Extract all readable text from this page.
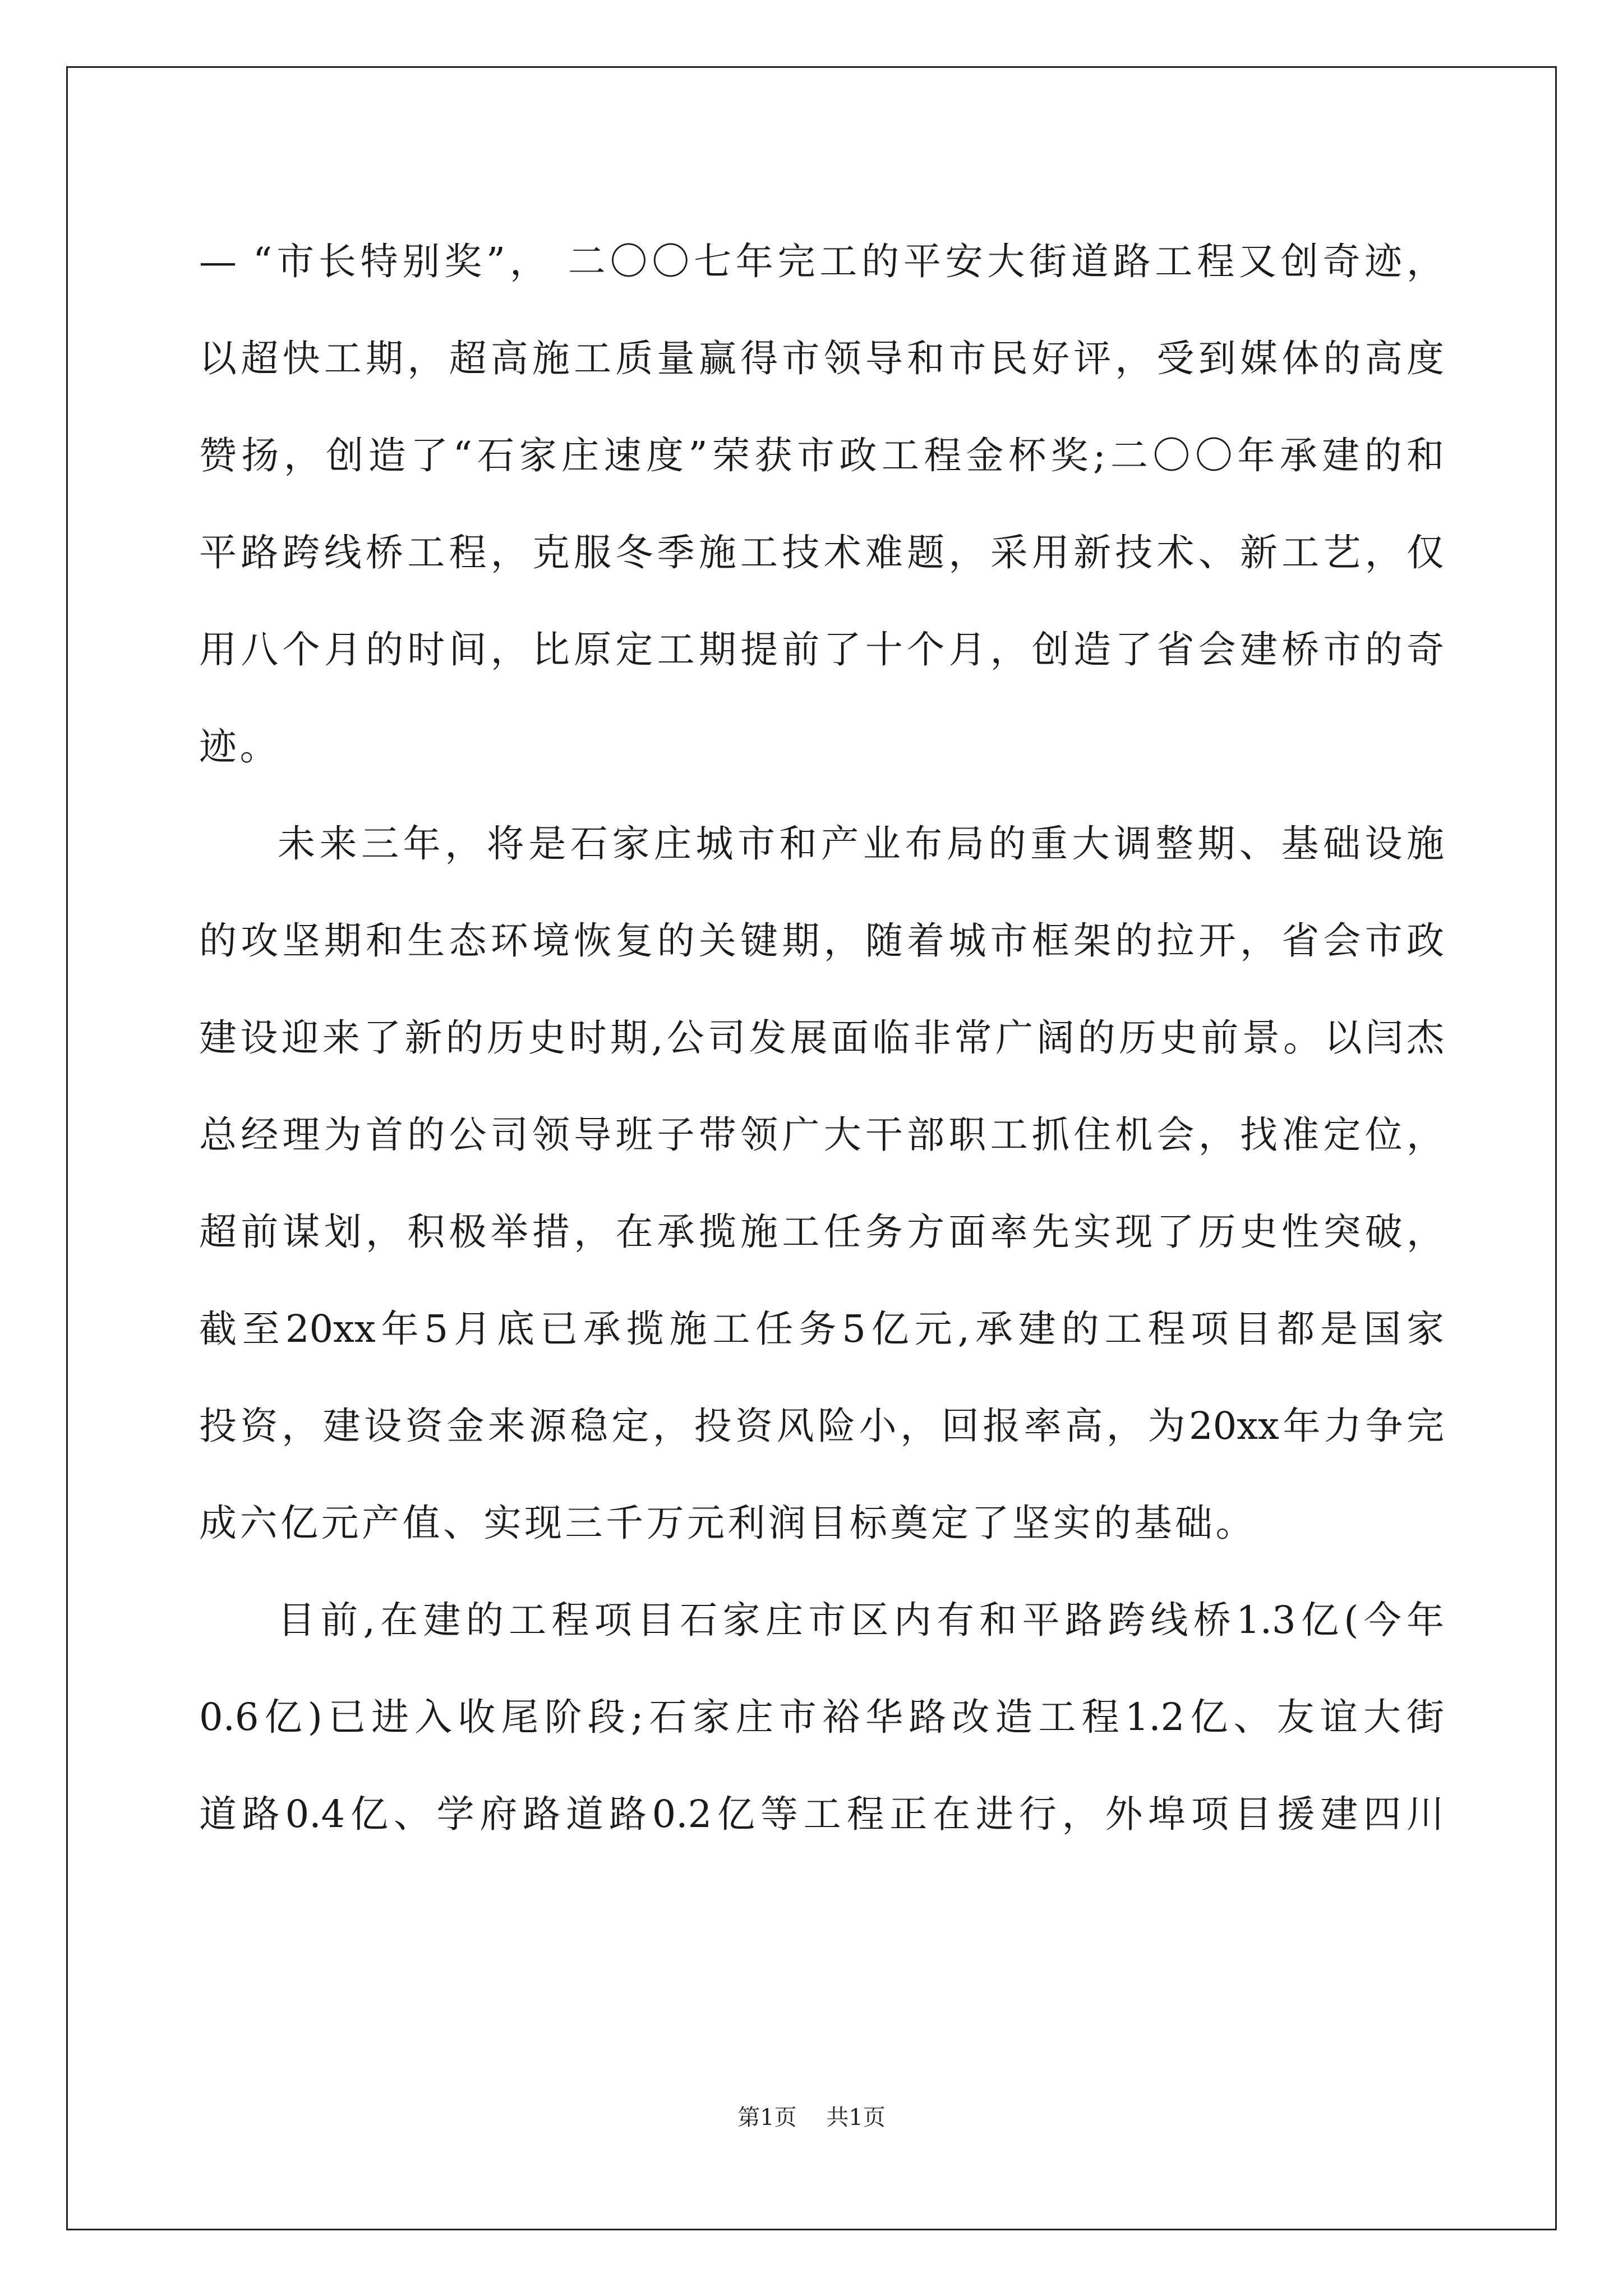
— “市长特别奖”， 二〇〇七年完工的平安大街道路工程又创奇迹，
以超快工期，超高施工质量赢得市领导和市民好评，受到媒体的高度
赞扬，创造了“石家庄速度”荣获市政工程金杯奖;二〇〇年承建的和
平路跨线桥工程，克服冬季施工技术难题，采用新技术、新工艺，仅
用八个月的时间，比原定工期提前了十个月，创造了省会建桥市的奇
迹。
未来三年，将是石家庄城市和产业布局的重大调整期、基础设施
的攻坚期和生态环境恢复的关键期，随着城市框架的拉开，省会市政
建设迎来了新的历史时期,公司发展面临非常广阔的历史前景。以闫杰
总经理为首的公司领导班子带领广大干部职工抓住机会，找准定位，
超前谋划，积极举措，在承揽施工任务方面率先实现了历史性突破，
截至20xx年5月底已承揽施工任务5亿元,承建的工程项目都是国家
投资，建设资金来源稳定，投资风险小，回报率高，为20xx年力争完
成六亿元产值、实现三千万元利润目标奠定了坚实的基础。
目前,在建的工程项目石家庄市区内有和平路跨线桥1.3亿(今年
0.6亿)已进入收尾阶段;石家庄市裕华路改造工程1.2亿、友谊大街
道路0.4亿、学府路道路0.2亿等工程正在进行，外埠项目援建四川
第1页 共1页
